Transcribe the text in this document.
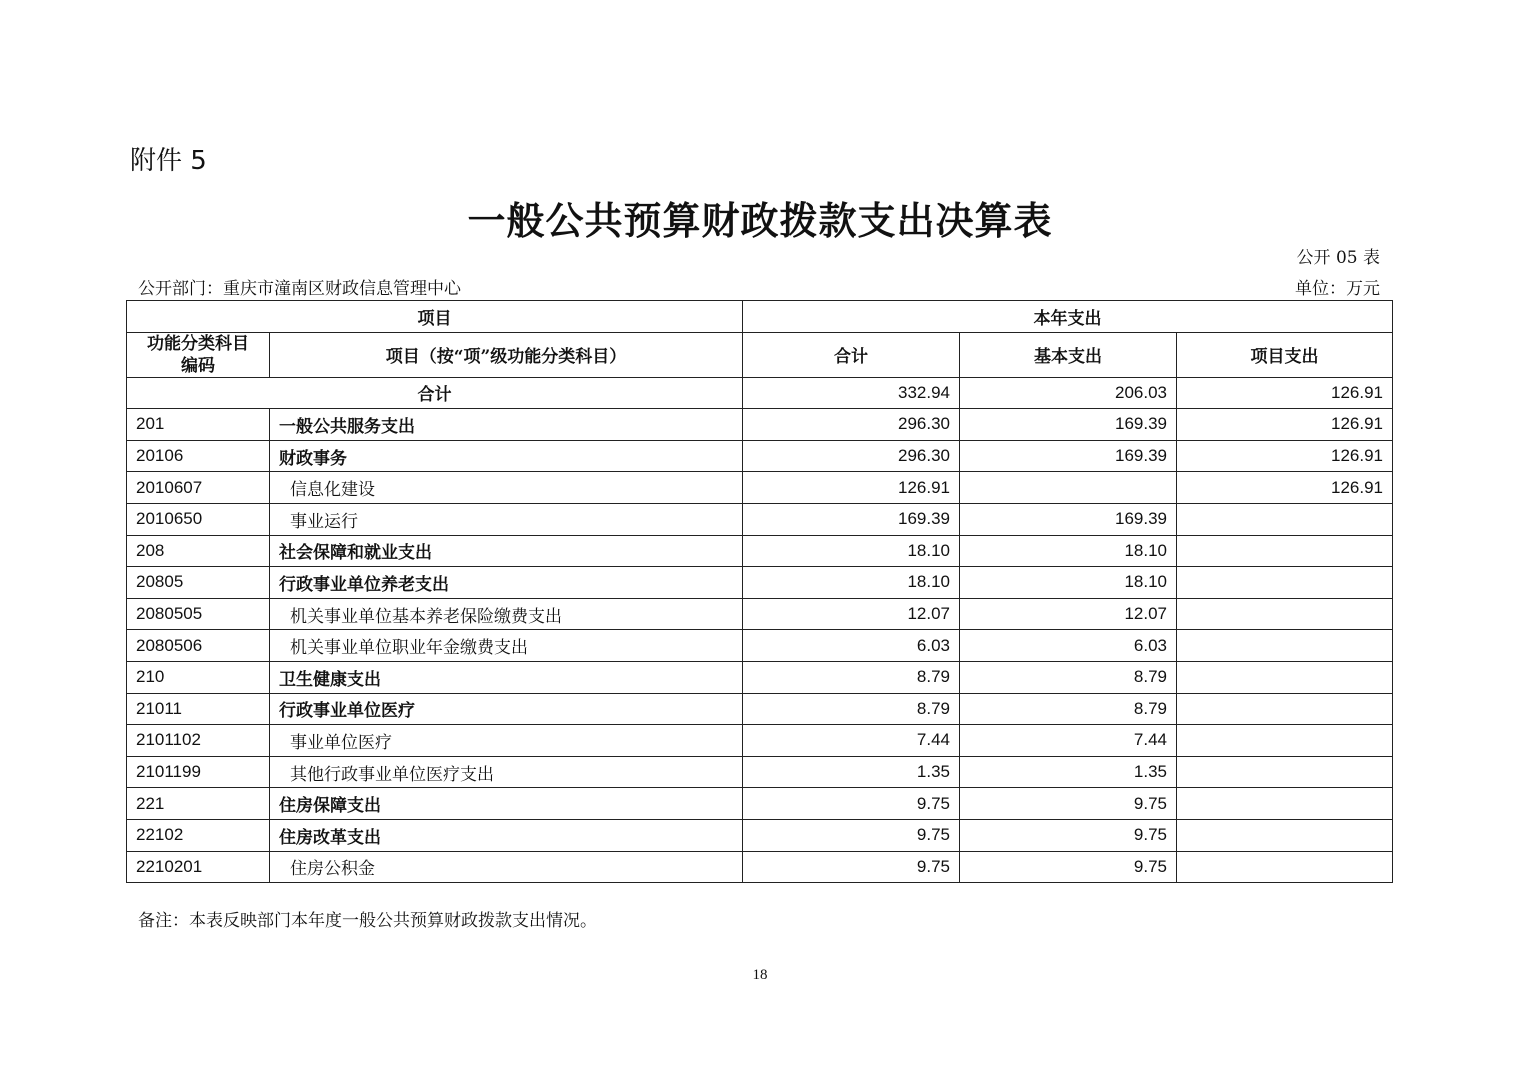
附件 5
一般公共预算财政拨款支出决算表
公开 05 表
公开部门：重庆市潼南区财政信息管理中心	单位：万元
项目		本年支出		
功能分类科目编码	项目（按“项”级功能分类科目）	合计	基本支出	项目支出
合计		332.94	206.03	126.91
201	一般公共服务支出	296.30	169.39	126.91
20106	财政事务	296.30	169.39	126.91
2010607	信息化建设	126.91		126.91
2010650	事业运行	169.39	169.39	
208	社会保障和就业支出	18.10	18.10	
20805	行政事业单位养老支出	18.10	18.10	
2080505	机关事业单位基本养老保险缴费支出	12.07	12.07	
2080506	机关事业单位职业年金缴费支出	6.03	6.03	
210	卫生健康支出	8.79	8.79	
21011	行政事业单位医疗	8.79	8.79	
2101102	事业单位医疗	7.44	7.44	
2101199	其他行政事业单位医疗支出	1.35	1.35	
221	住房保障支出	9.75	9.75	
22102	住房改革支出	9.75	9.75	
2210201	住房公积金	9.75	9.75	
备注：本表反映部门本年度一般公共预算财政拨款支出情况。
18
